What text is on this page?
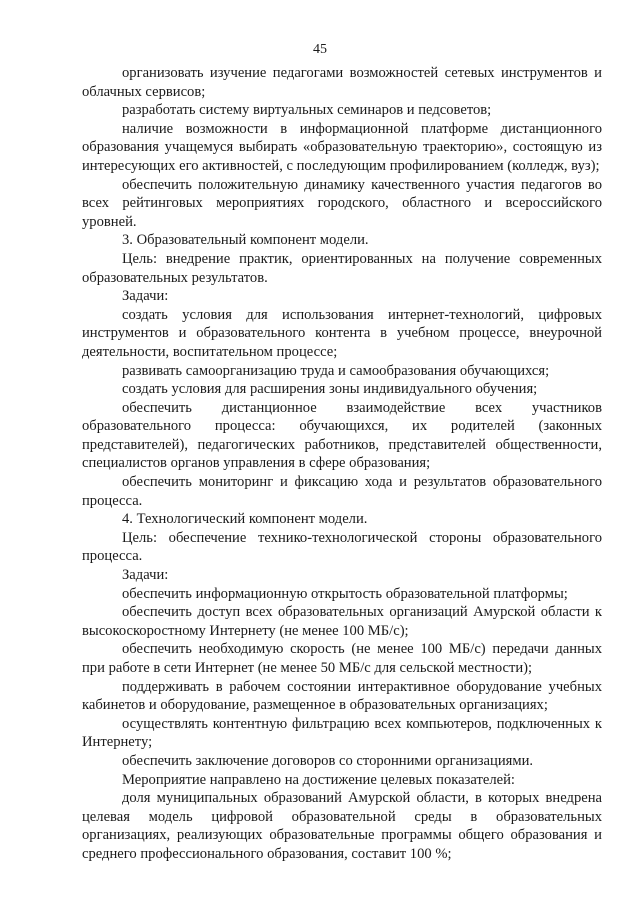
45

организовать изучение педагогами возможностей сетевых инструментов и облачных сервисов;

разработать систему виртуальных семинаров и педсоветов;

наличие возможности в информационной платформе дистанционного образования учащемуся выбирать «образовательную траекторию», состоящую из интересующих его активностей, с последующим профилированием (колледж, вуз);

обеспечить положительную динамику качественного участия педагогов во всех рейтинговых мероприятиях городского, областного и всероссийского уровней.

3. Образовательный компонент модели.

Цель: внедрение практик, ориентированных на получение современных образовательных результатов.

Задачи:

создать условия для использования интернет-технологий, цифровых инструментов и образовательного контента в учебном процессе, внеурочной деятельности, воспитательном процессе;

развивать самоорганизацию труда и самообразования обучающихся;

создать условия для расширения зоны индивидуального обучения;

обеспечить дистанционное взаимодействие всех участников образовательного процесса: обучающихся, их родителей (законных представителей), педагогических работников, представителей общественности, специалистов органов управления в сфере образования;

обеспечить мониторинг и фиксацию хода и результатов образовательного процесса.

4. Технологический компонент модели.

Цель: обеспечение технико-технологической стороны образовательного процесса.

Задачи:

обеспечить информационную открытость образовательной платформы;

обеспечить доступ всех образовательных организаций Амурской области к высокоскоростному Интернету (не менее 100 МБ/с);

обеспечить необходимую скорость (не менее 100 МБ/с) передачи данных при работе в сети Интернет (не менее 50 МБ/с для сельской местности);

поддерживать в рабочем состоянии интерактивное оборудование учебных кабинетов и оборудование, размещенное в образовательных организациях;

осуществлять контентную фильтрацию всех компьютеров, подключенных к Интернету;

обеспечить заключение договоров со сторонними организациями.

Мероприятие направлено на достижение целевых показателей:

доля муниципальных образований Амурской области, в которых внедрена целевая модель цифровой образовательной среды в образовательных организациях, реализующих образовательные программы общего образования и среднего профессионального образования, составит 100 %;
